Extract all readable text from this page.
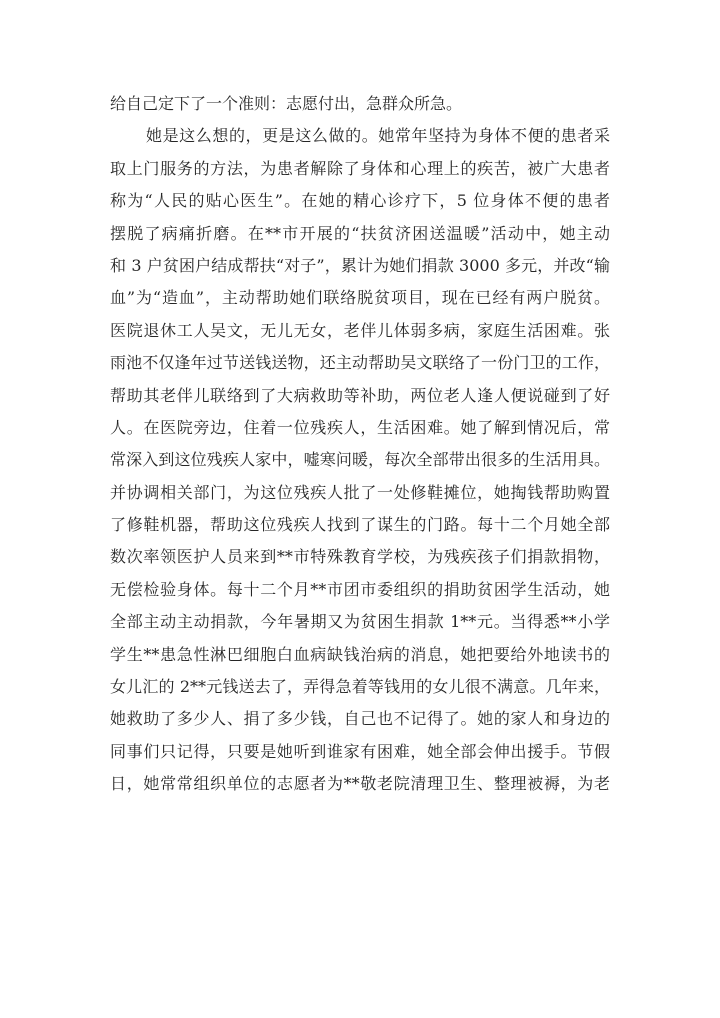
给自己定下了一个准则：志愿付出，急群众所急。
她是这么想的，更是这么做的。她常年坚持为身体不便的患者采
取上门服务的方法，为患者解除了身体和心理上的疾苦，被广大患者
称为“人民的贴心医生”。在她的精心诊疗下，5 位身体不便的患者
摆脱了病痛折磨。在**市开展的“扶贫济困送温暖”活动中，她主动
和 3 户贫困户结成帮扶“对子”，累计为她们捐款 3000 多元，并改“输
血”为“造血”，主动帮助她们联络脱贫项目，现在已经有两户脱贫。
医院退休工人吴文，无儿无女，老伴儿体弱多病，家庭生活困难。张
雨池不仅逢年过节送钱送物，还主动帮助吴文联络了一份门卫的工作，
帮助其老伴儿联络到了大病救助等补助，两位老人逢人便说碰到了好
人。在医院旁边，住着一位残疾人，生活困难。她了解到情况后，常
常深入到这位残疾人家中，嘘寒问暖，每次全部带出很多的生活用具。
并协调相关部门，为这位残疾人批了一处修鞋摊位，她掏钱帮助购置
了修鞋机器，帮助这位残疾人找到了谋生的门路。每十二个月她全部
数次率领医护人员来到**市特殊教育学校，为残疾孩子们捐款捐物，
无偿检验身体。每十二个月**市团市委组织的捐助贫困学生活动，她
全部主动主动捐款，今年暑期又为贫困生捐款 1**元。当得悉**小学
学生**患急性淋巴细胞白血病缺钱治病的消息，她把要给外地读书的
女儿汇的 2**元钱送去了，弄得急着等钱用的女儿很不满意。几年来，
她救助了多少人、捐了多少钱，自己也不记得了。她的家人和身边的
同事们只记得，只要是她听到谁家有困难，她全部会伸出援手。节假
日，她常常组织单位的志愿者为**敬老院清理卫生、整理被褥，为老
